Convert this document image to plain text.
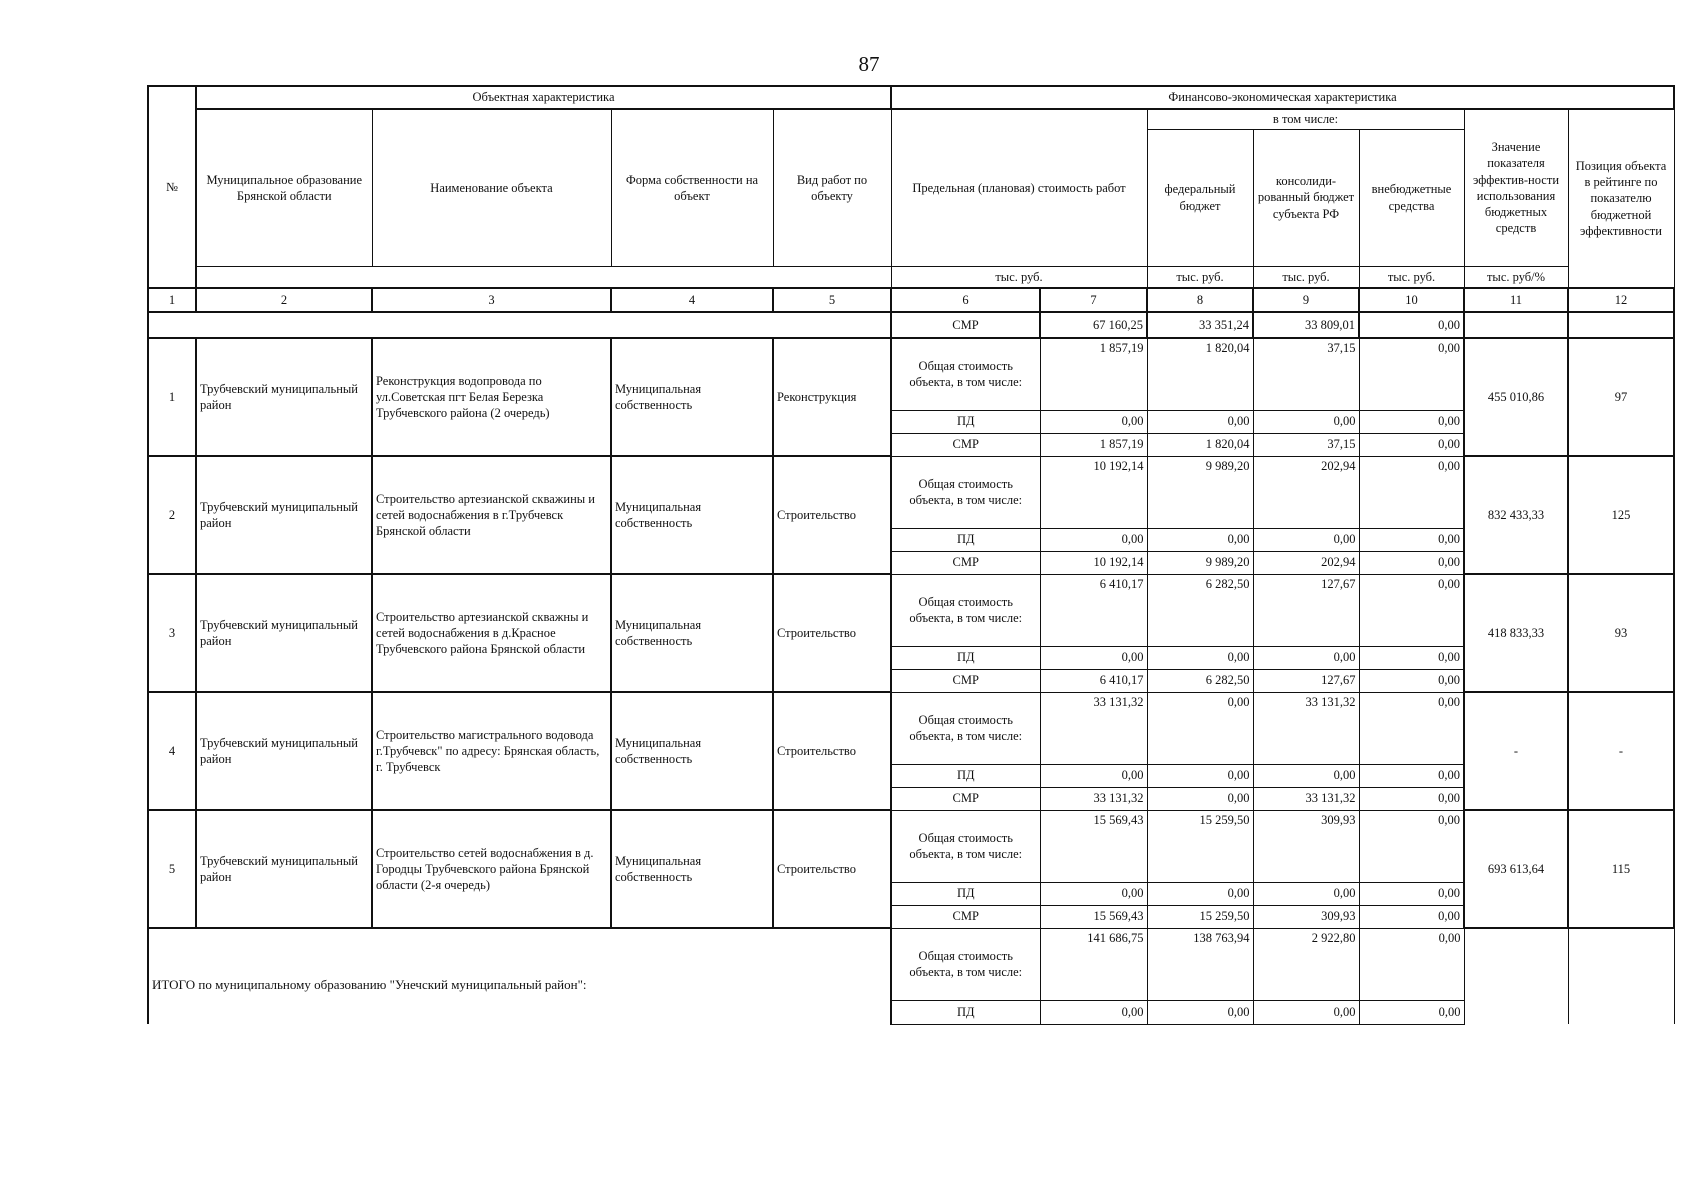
87
№	Объектная характеристика				Финансово-экономическая характеристика						
	Муниципальное образование Брянской области	Наименование объекта	Форма собственности на объект	Вид работ по объекту	Предельная (плановая) стоимость работ		в том числе:			Значение показателя эффектив-ности использования бюджетных средств	Позиция объекта в рейтинге по показателю бюджетной эффективности
							федеральный бюджет	консолиди-рованный бюджет субъекта РФ	внебюджетные средства		
					тыс. руб.		тыс. руб.	тыс. руб.	тыс. руб.	тыс. руб/%	
1	2	3	4	5	6	7	8	9	10	11	12
					СМР	67 160,25	33 351,24	33 809,01	0,00		
1	Трубчевский муниципальный район	Реконструкция водопровода по ул.Советская пгт Белая Березка Трубчевского района (2 очередь)	Муниципальная собственность	Реконструкция	Общая стоимость объекта, в том числе:	1 857,19	1 820,04	37,15	0,00	455 010,86	97
					ПД	0,00	0,00	0,00	0,00		
					СМР	1 857,19	1 820,04	37,15	0,00		
2	Трубчевский муниципальный район	Строительство артезианской скважины и сетей водоснабжения в г.Трубчевск Брянской области	Муниципальная собственность	Строительство	Общая стоимость объекта, в том числе:	10 192,14	9 989,20	202,94	0,00	832 433,33	125
					ПД	0,00	0,00	0,00	0,00		
					СМР	10 192,14	9 989,20	202,94	0,00		
3	Трубчевский муниципальный район	Строительство артезианской скважны и сетей водоснабжения в д.Красное Трубчевского района Брянской области	Муниципальная собственность	Строительство	Общая стоимость объекта, в том числе:	6 410,17	6 282,50	127,67	0,00	418 833,33	93
					ПД	0,00	0,00	0,00	0,00		
					СМР	6 410,17	6 282,50	127,67	0,00		
4	Трубчевский муниципальный район	Строительство магистрального водовода г.Трубчевск" по адресу: Брянская область, г. Трубчевск	Муниципальная собственность	Строительство	Общая стоимость объекта, в том числе:	33 131,32	0,00	33 131,32	0,00	-	-
					ПД	0,00	0,00	0,00	0,00		
					СМР	33 131,32	0,00	33 131,32	0,00		
5	Трубчевский муниципальный район	Строительство сетей водоснабжения в д. Городцы Трубчевского района Брянской области (2-я очередь)	Муниципальная собственность	Строительство	Общая стоимость объекта, в том числе:	15 569,43	15 259,50	309,93	0,00	693 613,64	115
					ПД	0,00	0,00	0,00	0,00		
					СМР	15 569,43	15 259,50	309,93	0,00		
ИТОГО по муниципальному образованию "Унечский муниципальный район":					Общая стоимость объекта, в том числе:	141 686,75	138 763,94	2 922,80	0,00		
					ПД	0,00	0,00	0,00	0,00		
